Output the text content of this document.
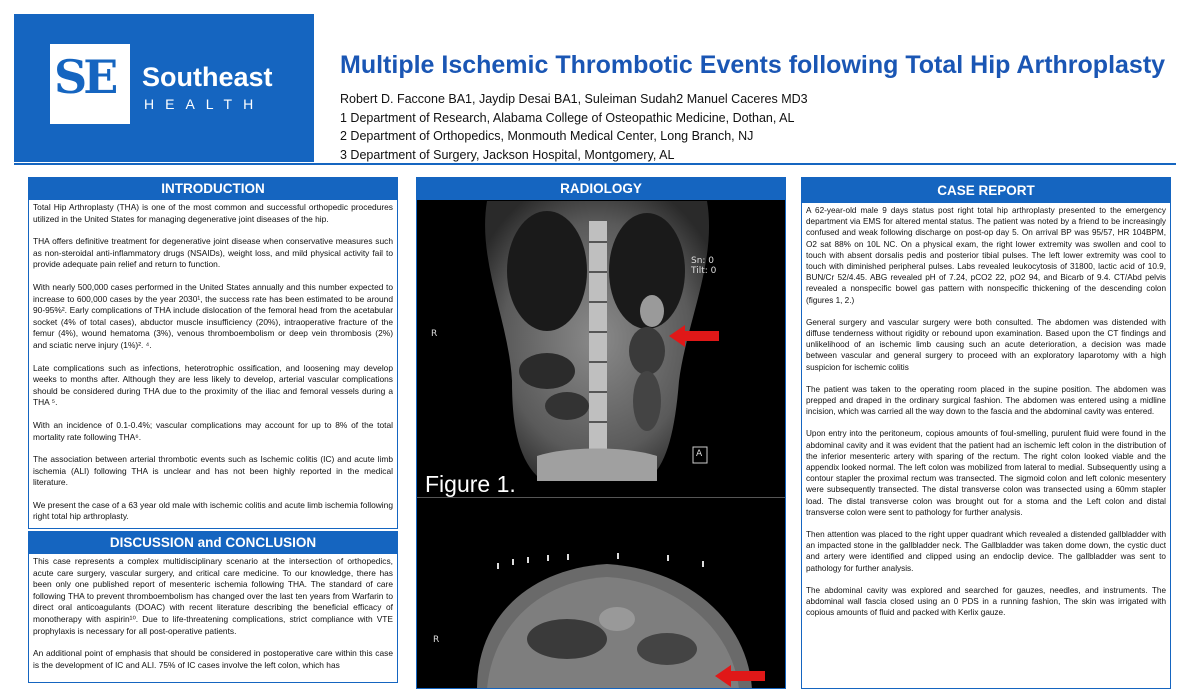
SE Southeast
HEALTH
Multiple Ischemic Thrombotic Events following Total Hip Arthroplasty
Robert D. Faccone BA1, Jaydip Desai BA1, Suleiman Sudah2 Manuel Caceres MD3
1 Department of Research, Alabama College of Osteopathic Medicine, Dothan, AL
2 Department of Orthopedics, Monmouth Medical Center, Long Branch, NJ
3 Department of Surgery, Jackson Hospital, Montgomery, AL
INTRODUCTION

Total Hip Arthroplasty (THA) is one of the most common and successful orthopedic procedures utilized in the United States for managing degenerative joint diseases of the hip.

THA offers definitive treatment for degenerative joint disease when conservative measures such as non-steroidal anti-inflammatory drugs (NSAIDs), weight loss, and mild physical activity fail to provide adequate pain relief and return to function.

With nearly 500,000 cases performed in the United States annually and this number expected to increase to 600,000 cases by the year 2030¹, the success rate has been estimated to be around 90-95%². Early complications of THA include dislocation of the femoral head from the acetabular socket (4% of total cases), abductor muscle insufficiency (20%), intraoperative fracture of the femur (4%), wound hematoma (3%), venous thromboembolism or deep vein thrombosis (2%) and sciatic nerve injury (1%)². ⁴.

Late complications such as infections, heterotrophic ossification, and loosening may develop weeks to months after. Although they are less likely to develop, arterial vascular complications should be considered during THA due to the proximity of the iliac and femoral vessels during a THA ⁵.

With an incidence of 0.1-0.4%; vascular complications may account for up to 8% of the total mortality rate following THA⁶.

The association between arterial thrombotic events such as Ischemic colitis (IC) and acute limb ischemia (ALI) following THA is unclear and has not been highly reported in the medical literature.

We present the case of a 63 year old male with ischemic colitis and acute limb ischemia following right total hip arthroplasty.

DISCUSSION and CONCLUSION

This case represents a complex multidisciplinary scenario at the intersection of orthopedics, acute care surgery, vascular surgery, and critical care medicine. To our knowledge, there has been only one published report of mesenteric ischemia following THA. The standard of care following THA to prevent thromboembolism has changed over the last ten years from Warfarin to direct oral anticoagulants (DOAC) with recent literature describing the beneficial efficacy of monotherapy with aspirin¹⁰. Due to life-threatening complications, strict compliance with VTE prophylaxis is necessary for all post-operative patients.

An additional point of emphasis that should be considered in postoperative care within this case is the development of IC and ALI. 75% of IC cases involve the left colon, which has

RADIOLOGY
R
A
Sn: 0
Tilt: 0
Figure 1.
R
CASE REPORT

A 62-year-old male 9 days status post right total hip arthroplasty presented to the emergency department via EMS for altered mental status. The patient was noted by a friend to be increasingly confused and weak following discharge on post-op day 5. On arrival BP was 95/57, HR 104BPM, O2 sat 88% on 10L NC. On a physical exam, the right lower extremity was swollen and cool to touch with absent dorsalis pedis and posterior tibial pulses. The left lower extremity was cool to touch with diminished peripheral pulses. Labs revealed leukocytosis of 31800, lactic acid of 10.9, BUN/Cr 52/4.45. ABG revealed pH of 7.24, pCO2 22, pO2 94, and Bicarb of 9.4. CT/Abd pelvis revealed a nonspecific bowel gas pattern with nonspecific thickening of the descending colon (figures 1, 2.)

General surgery and vascular surgery were both consulted. The abdomen was distended with diffuse tenderness without rigidity or rebound upon examination. Based upon the CT findings and unlikelihood of an ischemic limb causing such an acute deterioration, a decision was made between vascular and general surgery to proceed with an exploratory laparotomy with a high suspicion for ischemic colitis

The patient was taken to the operating room placed in the supine position. The abdomen was prepped and draped in the ordinary surgical fashion. The abdomen was entered using a midline incision, which was carried all the way down to the fascia and the abdominal cavity was entered.

Upon entry into the peritoneum, copious amounts of foul-smelling, purulent fluid were found in the abdominal cavity and it was evident that the patient had an ischemic left colon in the distribution of the inferior mesenteric artery with sparing of the rectum. The right colon looked viable and the appendix looked normal. The left colon was mobilized from lateral to medial. Subsequently using a contour stapler the proximal rectum was transected. The sigmoid colon and left colonic mesentery were subsequently transected. The distal transverse colon was transected using a 60mm stapler load. The distal transverse colon was brought out for a stoma and the Left colon and distal transverse colon were sent to pathology for further analysis.

Then attention was placed to the right upper quadrant which revealed a distended gallbladder with an impacted stone in the gallbladder neck. The Gallbladder was taken dome down, the cystic duct and artery were identified and clipped using an endoclip device. The gallbladder was sent to pathology for further analysis.

The abdominal cavity was explored and searched for gauzes, needles, and instruments. The abdominal wall fascia closed using an 0 PDS in a running fashion, The skin was irrigated with copious amounts of fluid and packed with Kerlix gauze.
